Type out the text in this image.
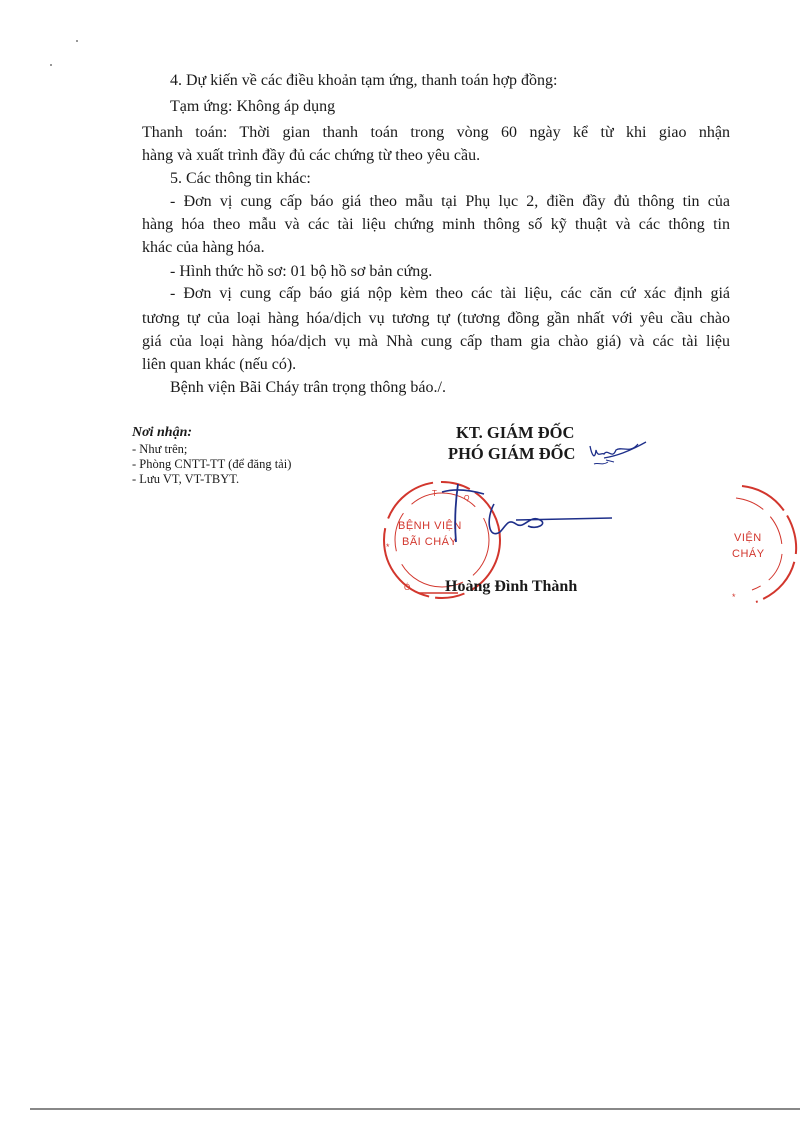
4. Dự kiến về các điều khoản tạm ứng, thanh toán hợp đồng:
Tạm ứng: Không áp dụng
Thanh toán: Thời gian thanh toán trong vòng 60 ngày kể từ khi giao nhận
hàng và xuất trình đầy đủ các chứng từ theo yêu cầu.
5. Các thông tin khác:
- Đơn vị cung cấp báo giá theo mẫu tại Phụ lục 2, điền đầy đủ thông tin của
hàng hóa theo mẫu và các tài liệu chứng minh thông số kỹ thuật và các thông tin
khác của hàng hóa.
- Hình thức hồ sơ: 01 bộ hồ sơ bản cứng.
- Đơn vị cung cấp báo giá nộp kèm theo các tài liệu, các căn cứ xác định giá
tương tự của loại hàng hóa/dịch vụ tương tự (tương đồng gần nhất với yêu cầu chào
giá của loại hàng hóa/dịch vụ mà Nhà cung cấp tham gia chào giá) và các tài liệu
liên quan khác (nếu có).
Bệnh viện Bãi Cháy trân trọng thông báo./.
Nơi nhận:
- Như trên;
- Phòng CNTT-TT (để đăng tải)
- Lưu VT, VT-TBYT.
KT. GIÁM ĐỐC
PHÓ GIÁM ĐỐC
T
Q
*
Ó
BỆNH VIỆN
BÃI CHÁY
Hoàng Đình Thành
*
VIỆN
CHÁY
